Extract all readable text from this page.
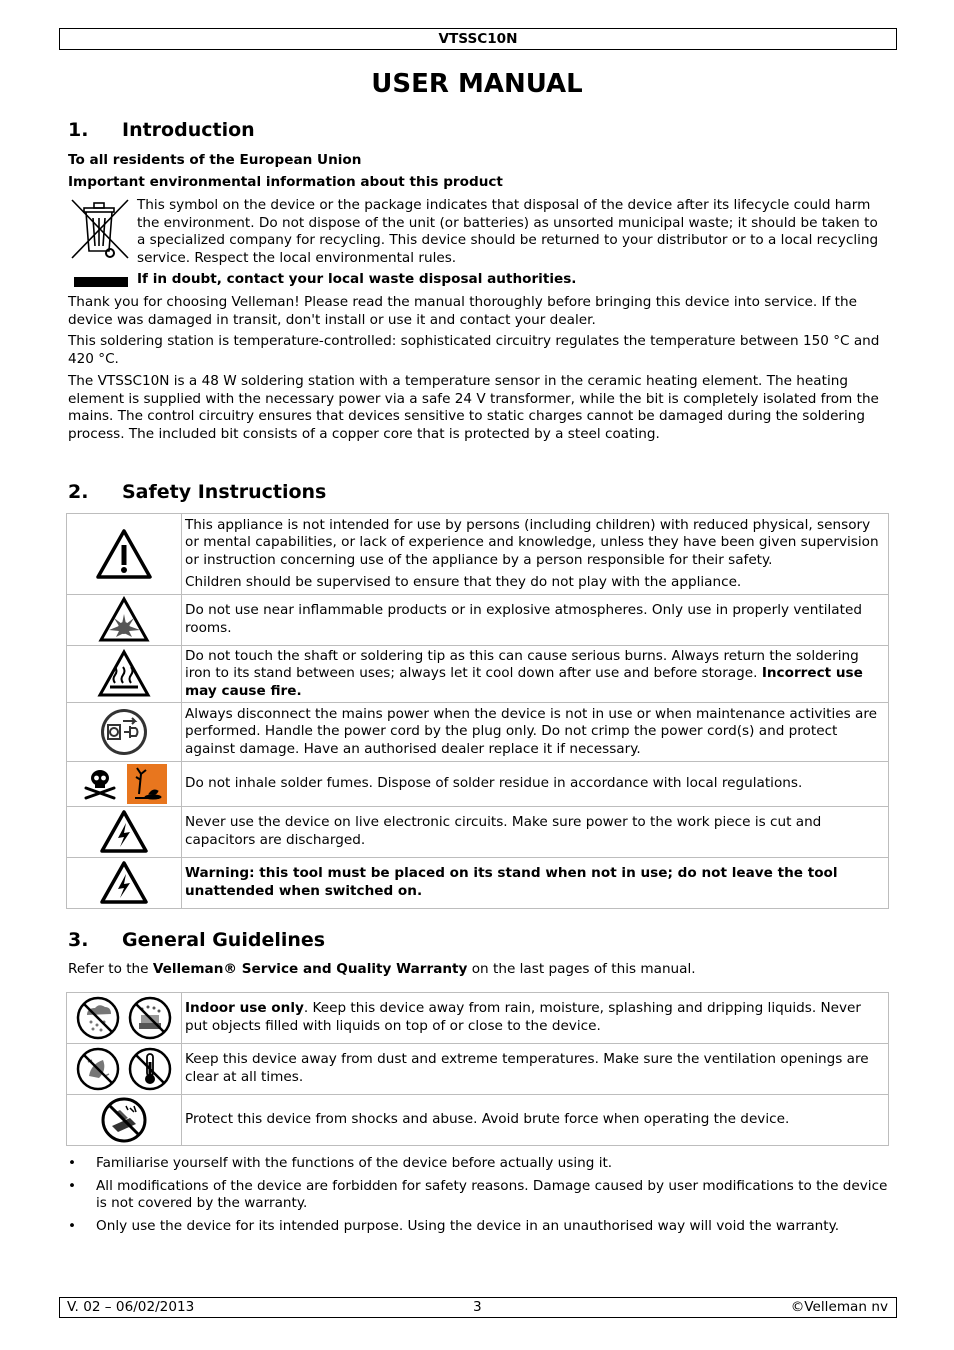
VTSSC10N
USER MANUAL
1. Introduction
To all residents of the European Union
Important environmental information about this product
This symbol on the device or the package indicates that disposal of the device after its lifecycle could harm the environment. Do not dispose of the unit (or batteries) as unsorted municipal waste; it should be taken to a specialized company for recycling. This device should be returned to your distributor or to a local recycling service. Respect the local environmental rules.
If in doubt, contact your local waste disposal authorities.
Thank you for choosing Velleman! Please read the manual thoroughly before bringing this device into service. If the device was damaged in transit, don't install or use it and contact your dealer.
This soldering station is temperature-controlled: sophisticated circuitry regulates the temperature between 150 °C and 420 °C.
The VTSSC10N is a 48 W soldering station with a temperature sensor in the ceramic heating element. The heating element is supplied with the necessary power via a safe 24 V transformer, while the bit is completely isolated from the mains. The control circuitry ensures that devices sensitive to static charges cannot be damaged during the soldering process. The included bit consists of a copper core that is protected by a steel coating.
2. Safety Instructions

This appliance is not intended for use by persons (including children) with reduced physical, sensory or mental capabilities, or lack of experience and knowledge, unless they have been given supervision or instruction concerning use of the appliance by a person responsible for their safety.
Children should be supervised to ensure that they do not play with the appliance.

Do not use near inflammable products or in explosive atmospheres. Only use in properly ventilated rooms.

Do not touch the shaft or soldering tip as this can cause serious burns. Always return the soldering iron to its stand between uses; always let it cool down after use and before storage. Incorrect use may cause fire.

Always disconnect the mains power when the device is not in use or when maintenance activities are performed. Handle the power cord by the plug only. Do not crimp the power cord(s) and protect against damage. Have an authorised dealer replace it if necessary.

Do not inhale solder fumes. Dispose of solder residue in accordance with local regulations.

Never use the device on live electronic circuits. Make sure power to the work piece is cut and capacitors are discharged.

Warning: this tool must be placed on its stand when not in use; do not leave the tool unattended when switched on.
3. General Guidelines
Refer to the Velleman® Service and Quality Warranty on the last pages of this manual.

Indoor use only. Keep this device away from rain, moisture, splashing and dripping liquids. Never put objects filled with liquids on top of or close to the device.

Keep this device away from dust and extreme temperatures. Make sure the ventilation openings are clear at all times.

Protect this device from shocks and abuse. Avoid brute force when operating the device.
• Familiarise yourself with the functions of the device before actually using it.
• All modifications of the device are forbidden for safety reasons. Damage caused by user modifications to the device is not covered by the warranty.
• Only use the device for its intended purpose. Using the device in an unauthorised way will void the warranty.
V. 02 – 06/02/2013	3	©Velleman nv
